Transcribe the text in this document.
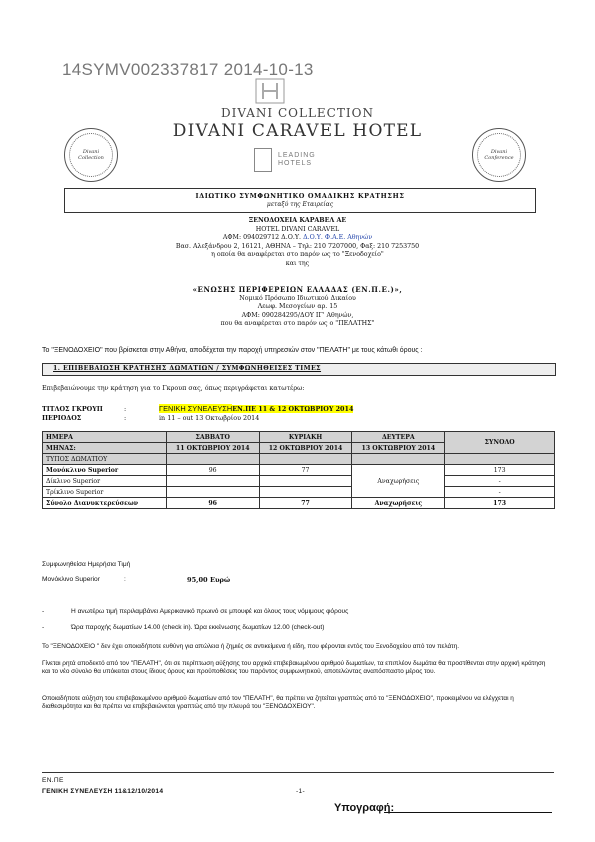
14SYMV002337817 2014-10-13
Divani Collection
Divani Conference
DIVANI COLLECTION
DIVANI CARAVEL HOTEL
LEADING
HOTELS
ΙΔΙΩΤΙΚΟ ΣΥΜΦΩΝΗΤΙΚΟ ΟΜΑΔΙΚΗΣ ΚΡΑΤΗΣΗΣ
μεταξύ της Εταιρείας
ΞΕΝΟΔΟΧΕΙΑ ΚΑΡΑΒΕΛ ΑΕ
HOTEL DIVANI CARAVEL
ΑΦΜ: 094029712 Δ.Ο.Υ. Δ.Ο.Υ. Φ.Α.Ε. Αθηνών
Βασ. Αλεξάνδρου 2, 16121, ΑΘΗΝΑ – Τηλ: 210 7207000, Φαξ: 210 7253750
η οποία θα αναφέρεται στο παρόν ως το "Ξενοδοχείο"
και της
«ΕΝΩΣΗΣ ΠΕΡΙΦΕΡΕΙΩΝ ΕΛΛΑΔΑΣ (ΕΝ.Π.Ε.)»,
Νομικό Πρόσωπο Ιδιωτικού Δικαίου
Λεωφ. Μεσογείων αρ. 15
ΑΦΜ: 090284295/ΔΟΥ ΙΓ' Αθηνών,
που θα αναφέρεται στο παρόν ως ο "ΠΕΛΑΤΗΣ"
Το "ΞΕΝΟΔΟΧΕΙΟ" που βρίσκεται στην Αθήνα, αποδέχεται την παροχή υπηρεσιών στον "ΠΕΛΑΤΗ" με τους κάτωθι όρους :
1. ΕΠΙΒΕΒΑΙΩΣΗ ΚΡΑΤΗΣΗΣ ΔΩΜΑΤΙΩΝ / ΣΥΜΦΩΝΗΘΕΙΣΕΣ ΤΙΜΕΣ
Επιβεβαιώνουμε την κράτηση για το Γκρουπ σας, όπως περιγράφεται κατωτέρω:
ΤΙΤΛΟΣ ΓΚΡΟΥΠ	:	ΓΕΝΙΚΗ ΣΥΝΕΛΕΥΣΗΕΝ.ΠΕ 11 & 12 ΟΚΤΩΒΡΙΟΥ 2014
ΠΕΡΙΟΔΟΣ	:	in 11 – out 13 Οκτωβρίου 2014
ΗΜΕΡΑ	ΣΑΒΒΑΤΟ	ΚΥΡΙΑΚΗ	ΔΕΥΤΕΡΑ	ΣΥΝΟΛΟ
ΜΗΝΑΣ:	11 ΟΚΤΩΒΡΙΟΥ 2014	12 ΟΚΤΩΒΡΙΟΥ 2014	13 ΟΚΤΩΒΡΙΟΥ 2014	
ΤΥΠΟΣ ΔΩΜΑΤΙΟΥ				
Μονόκλινο Superior	96	77	Αναχωρήσεις	173
Δίκλινο Superior				-
Τρίκλινο Superior				-
Σύνολο Διανυκτερεύσεων	96	77	Αναχωρήσεις	173
Συμφωνηθείσα Ημερήσια Τιμή
Μονόκλινο Superior	:	95,00 Ευρώ
-	Η ανωτέρω τιμή περιλαμβάνει Αμερικανικό πρωινό σε μπουφέ και όλους τους νόμιμους φόρους
-	Ώρα παροχής δωματίων 14.00 (check in). Ώρα εκκένωσης δωματίων 12.00 (check-out)
Το "ΞΕΝΟΔΟΧΕΙΟ " δεν έχει οποιαδήποτε ευθύνη για απώλεια ή ζημιές σε αντικείμενα ή είδη, που φέρονται εντός του Ξενοδοχείου από τον πελάτη.
Γίνεται ρητά αποδεκτό από τον "ΠΕΛΑΤΗ", ότι σε περίπτωση αύξησης του αρχικά επιβεβαιωμένου αριθμού δωματίων, τα επιπλέον δωμάτια θα προστίθενται στην αρχική κράτηση και το νέο σύνολο θα υπόκειται στους ίδιους όρους και προϋποθέσεις του παρόντος συμφωνητικού, αποτελώντας αναπόσπαστο μέρος του.
Οποιαδήποτε αύξηση του επιβεβαιωμένου αριθμού δωματίων από τον "ΠΕΛΑΤΗ", θα πρέπει να ζητείται γραπτώς από το "ΞΕΝΟΔΟΧΕΙΟ", προκειμένου να ελέγχεται η διαθεσιμότητα και θα πρέπει να επιβεβαιώνεται γραπτώς από την πλευρά του "ΞΕΝΟΔΟΧΕΙΟΥ".
ΕΝ.ΠΕ
ΓΕΝΙΚΗ ΣΥΝΕΛΕΥΣΗ 11&12/10/2014	-1-
Υπογραφή:
